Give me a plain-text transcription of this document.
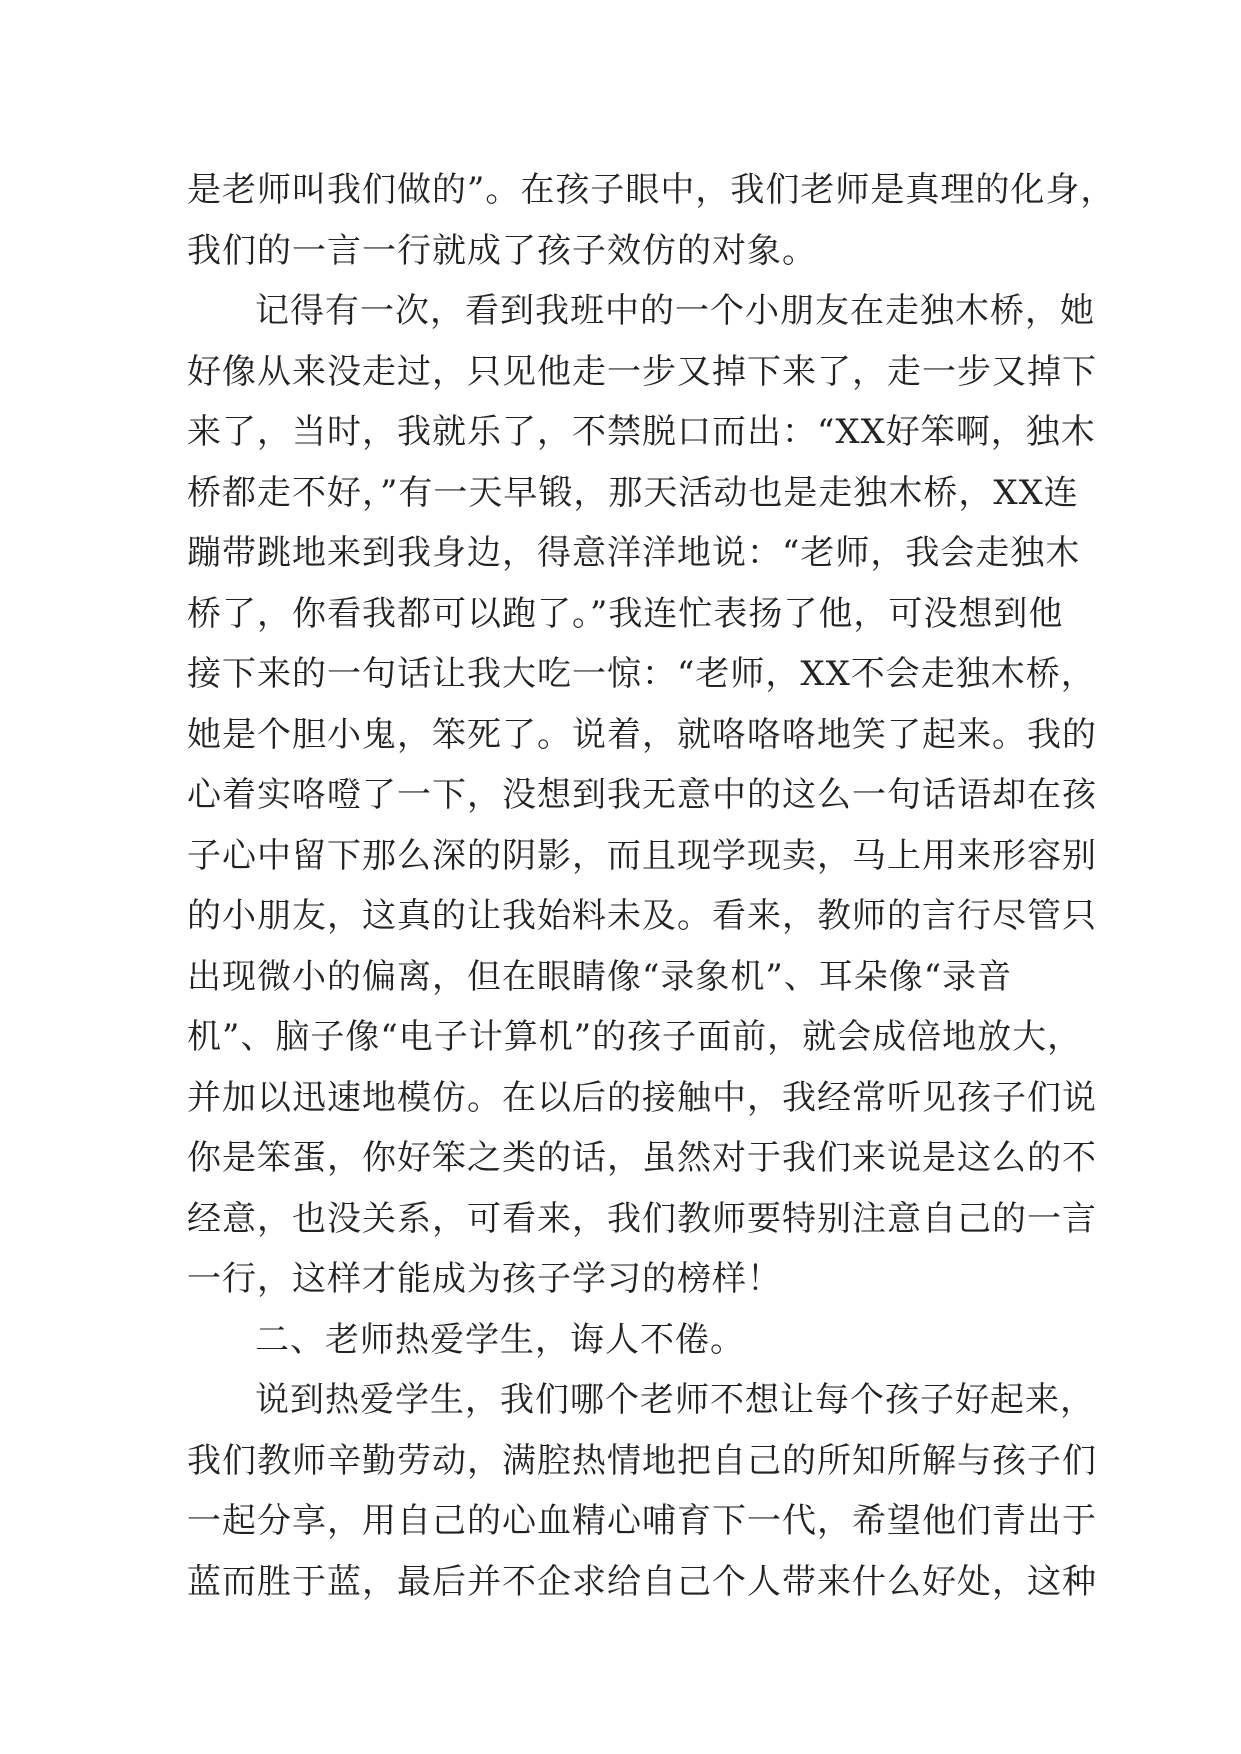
是老师叫我们做的”。在孩子眼中，我们老师是真理的化身，
我们的一言一行就成了孩子效仿的对象。
记得有一次，看到我班中的一个小朋友在走独木桥，她
好像从来没走过，只见他走一步又掉下来了，走一步又掉下
来了，当时，我就乐了，不禁脱口而出：“XX好笨啊，独木
桥都走不好，”有一天早锻，那天活动也是走独木桥，XX连
蹦带跳地来到我身边，得意洋洋地说：“老师，我会走独木
桥了，你看我都可以跑了。”我连忙表扬了他，可没想到他
接下来的一句话让我大吃一惊：“老师，XX不会走独木桥，
她是个胆小鬼，笨死了。说着，就咯咯咯地笑了起来。我的
心着实咯噔了一下，没想到我无意中的这么一句话语却在孩
子心中留下那么深的阴影，而且现学现卖，马上用来形容别
的小朋友，这真的让我始料未及。看来，教师的言行尽管只
出现微小的偏离，但在眼睛像“录象机”、耳朵像“录音
机”、脑子像“电子计算机”的孩子面前，就会成倍地放大，
并加以迅速地模仿。在以后的接触中，我经常听见孩子们说
你是笨蛋，你好笨之类的话，虽然对于我们来说是这么的不
经意，也没关系，可看来，我们教师要特别注意自己的一言
一行，这样才能成为孩子学习的榜样！
二、老师热爱学生，诲人不倦。
说到热爱学生，我们哪个老师不想让每个孩子好起来，
我们教师辛勤劳动，满腔热情地把自己的所知所解与孩子们
一起分享，用自己的心血精心哺育下一代，希望他们青出于
蓝而胜于蓝，最后并不企求给自己个人带来什么好处，这种
